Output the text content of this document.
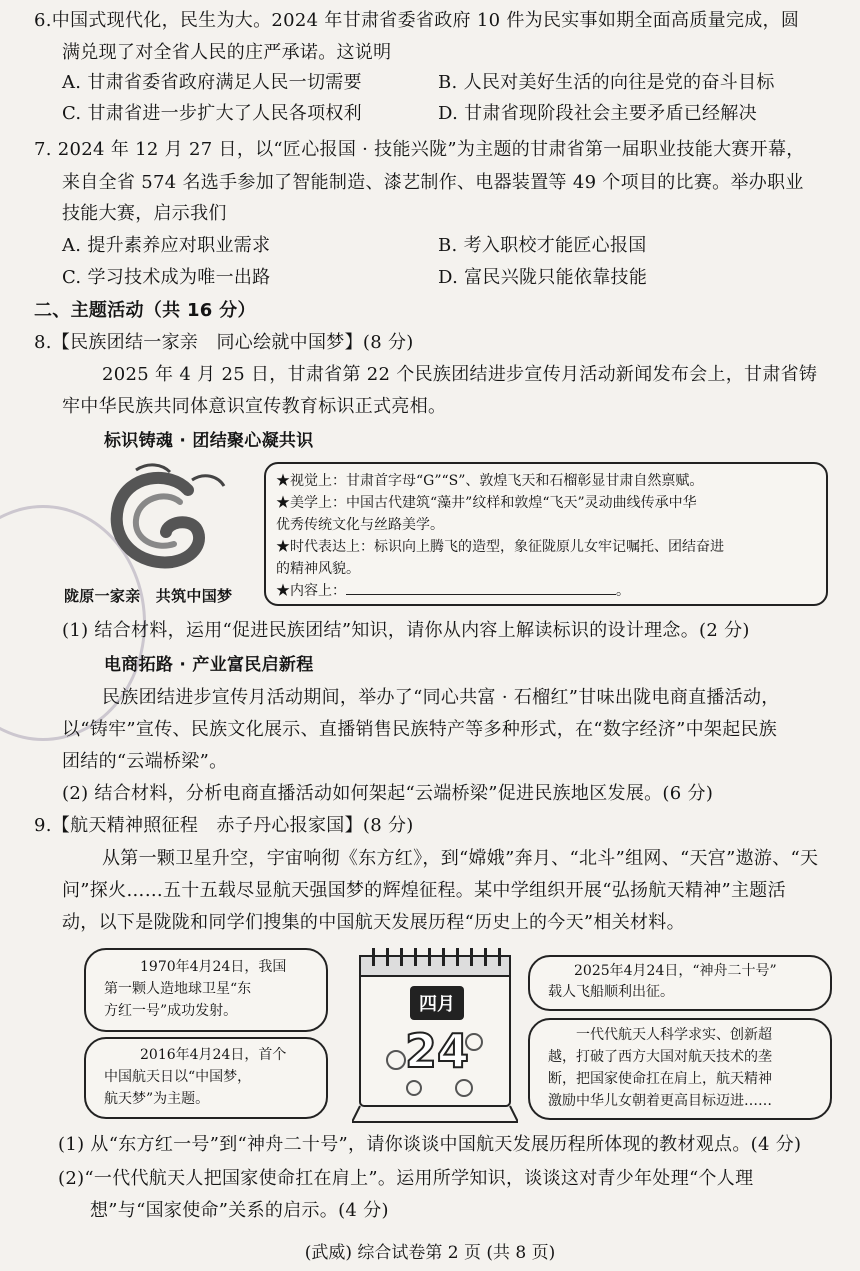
6.中国式现代化，民生为大。2024 年甘肃省委省政府 10 件为民实事如期全面高质量完成，圆
满兑现了对全省人民的庄严承诺。这说明
A. 甘肃省委省政府满足人民一切需要	B. 人民对美好生活的向往是党的奋斗目标
C. 甘肃省进一步扩大了人民各项权利	D. 甘肃省现阶段社会主要矛盾已经解决
7. 2024 年 12 月 27 日，以“匠心报国 · 技能兴陇”为主题的甘肃省第一届职业技能大赛开幕，
来自全省 574 名选手参加了智能制造、漆艺制作、电器装置等 49 个项目的比赛。举办职业
技能大赛，启示我们
A. 提升素养应对职业需求	B. 考入职校才能匠心报国
C. 学习技术成为唯一出路	D. 富民兴陇只能依靠技能
二、主题活动（共 16 分）
8.【民族团结一家亲　同心绘就中国梦】(8 分)
2025 年 4 月 25 日，甘肃省第 22 个民族团结进步宣传月活动新闻发布会上，甘肃省铸
牢中华民族共同体意识宣传教育标识正式亮相。
标识铸魂 · 团结聚心凝共识
陇原一家亲　共筑中国梦
★视觉上：甘肃首字母“G”“S”、敦煌飞天和石榴彰显甘肃自然禀赋。
★美学上：中国古代建筑“藻井”纹样和敦煌“飞天”灵动曲线传承中华
优秀传统文化与丝路美学。
★时代表达上：标识向上腾飞的造型，象征陇原儿女牢记嘱托、团结奋进
的精神风貌。
★内容上：	。
(1) 结合材料，运用“促进民族团结”知识，请你从内容上解读标识的设计理念。(2 分)
电商拓路 · 产业富民启新程
民族团结进步宣传月活动期间，举办了“同心共富 · 石榴红”甘味出陇电商直播活动，
以“铸牢”宣传、民族文化展示、直播销售民族特产等多种形式，在“数字经济”中架起民族
团结的“云端桥梁”。
(2) 结合材料，分析电商直播活动如何架起“云端桥梁”促进民族地区发展。(6 分)
9.【航天精神照征程　赤子丹心报家国】(8 分)
从第一颗卫星升空，宇宙响彻《东方红》，到“嫦娥”奔月、“北斗”组网、“天宫”遨游、“天
问”探火……五十五载尽显航天强国梦的辉煌征程。某中学组织开展“弘扬航天精神”主题活
动，以下是陇陇和同学们搜集的中国航天发展历程“历史上的今天”相关材料。
1970年4月24日，我国
第一颗人造地球卫星“东
方红一号”成功发射。
2016年4月24日，首个
中国航天日以“中国梦，
航天梦”为主题。
四月
24
2025年4月24日，“神舟二十号”
载人飞船顺利出征。
一代代航天人科学求实、创新超
越，打破了西方大国对航天技术的垄
断，把国家使命扛在肩上，航天精神
激励中华儿女朝着更高目标迈进……
(1) 从“东方红一号”到“神舟二十号”，请你谈谈中国航天发展历程所体现的教材观点。(4 分)
(2)“一代代航天人把国家使命扛在肩上”。运用所学知识，谈谈这对青少年处理“个人理
想”与“国家使命”关系的启示。(4 分)
(武威) 综合试卷第 2 页 (共 8 页)
